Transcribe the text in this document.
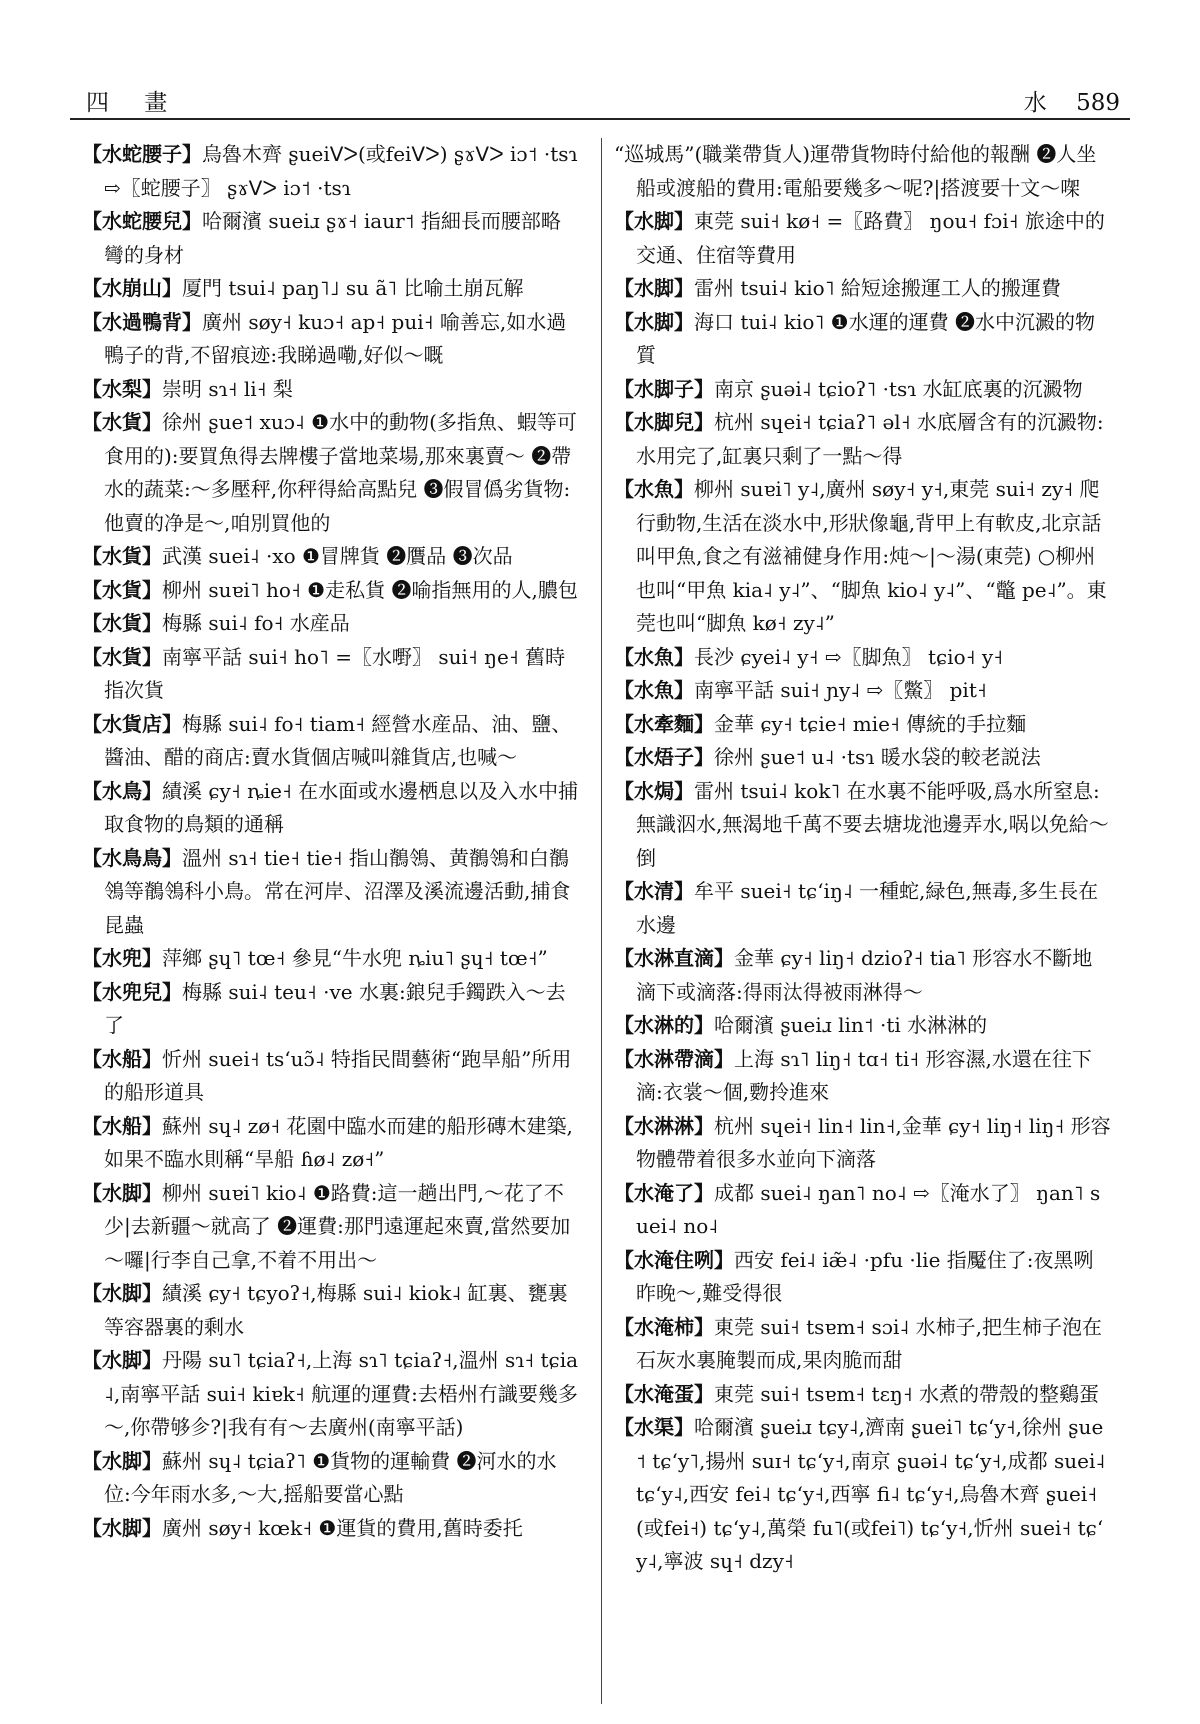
四 畫	水 589

【水蛇腰子】烏魯木齊 ʂueiᐯᐳ(或feiᐯᐳ) ʂɤᐯᐳ iɔ˦ ·tsɿ ⇨〖蛇腰子〗 ʂɤᐯᐳ iɔ˦ ·tsɿ

【水蛇腰兒】哈爾濱 sueiɹ ʂɤ˧ iaur˦ 指細長而腰部略彎的身材

【水崩山】厦門 tsui˨ paŋ˥˩ su ã˥ 比喻土崩瓦解

【水過鴨背】廣州 søy˧ kuɔ˧ ap˧ pui˧ 喻善忘,如水過鴨子的背,不留痕迹:我睇過嘞,好似～嘅

【水梨】崇明 sɿ˧ li˧ 梨

【水貨】徐州 ʂue˦ xuɔ˨ ❶水中的動物(多指魚、蝦等可食用的):要買魚得去牌樓子當地菜場,那來裏賣～ ❷帶水的蔬菜:～多壓秤,你秤得給高點兒 ❸假冒僞劣貨物:他賣的净是～,咱別買他的

【水貨】武漢 suei˨ ·xo ❶冒牌貨 ❷贋品 ❸次品

【水貨】柳州 suɐi˥ ho˧ ❶走私貨 ❷喻指無用的人,膿包

【水貨】梅縣 sui˨ fo˧ 水産品

【水貨】南寧平話 sui˧ ho˥ =〖水嘢〗 sui˧ ŋe˧ 舊時指次貨

【水貨店】梅縣 sui˨ fo˧ tiam˧ 經營水産品、油、鹽、醬油、醋的商店:賣水貨個店喊叫雜貨店,也喊～

【水鳥】績溪 ɕy˧ ȵie˧ 在水面或水邊栖息以及入水中捕取食物的鳥類的通稱

【水鳥鳥】溫州 sɿ˧ tie˧ tie˧ 指山鶺鴒、黄鶺鴒和白鶺鴒等鶺鴒科小鳥。常在河岸、沼澤及溪流邊活動,捕食昆蟲

【水兜】萍鄉 ʂɥ˥ tœ˧ 參見“牛水兜 ȵiu˥ ʂɥ˧ tœ˧”

【水兜兒】梅縣 sui˨ teu˧ ·ve 水裏:鋃兒手鐲跌入～去了

【水船】忻州 suei˧ tsʻuɔ̃˨ 特指民間藝術“跑旱船”所用的船形道具

【水船】蘇州 sɥ˨ zø˧ 花園中臨水而建的船形磚木建築,如果不臨水則稱“旱船 ɦø˨ zø˧”

【水脚】柳州 suɐi˥ kio˨ ❶路費:這一趟出門,～花了不少|去新疆～就高了 ❷運費:那門遠運起來賣,當然要加～囉|行李自己拿,不着不用出～

【水脚】績溪 ɕy˧ tɕyoʔ˧,梅縣 sui˨ kiok˨ 缸裏、甕裏等容器裏的剩水

【水脚】丹陽 su˥ tɕiaʔ˧,上海 sɿ˥ tɕiaʔ˧,溫州 sɿ˧ tɕia˨,南寧平話 sui˧ kiɐk˧ 航運的運費:去梧州冇識要幾多～,你帶够㐱?|我有有～去廣州(南寧平話)

【水脚】蘇州 sɥ˨ tɕiaʔ˥ ❶貨物的運輸費 ❷河水的水位:今年雨水多,～大,摇船要當心點

【水脚】廣州 søy˧ kœk˧ ❶運貨的費用,舊時委托

“巡城馬”(職業帶貨人)運帶貨物時付給他的報酬 ❷人坐船或渡船的費用:電船要幾多～呢?|搭渡要十文～㗎

【水脚】東莞 sui˧ kø˧ =〖路費〗 ŋou˧ fɔi˧ 旅途中的交通、住宿等費用

【水脚】雷州 tsui˨ kio˥ 給短途搬運工人的搬運費

【水脚】海口 tui˨ kio˥ ❶水運的運費 ❷水中沉澱的物質

【水脚子】南京 ʂuəi˨ tɕioʔ˥ ·tsɿ 水缸底裏的沉澱物

【水脚兒】杭州 sɥei˧ tɕiaʔ˥ əl˧ 水底層含有的沉澱物:水用完了,缸裏只剩了一點～得

【水魚】柳州 suɐi˥ y˨,廣州 søy˧ y˧,東莞 sui˧ zy˧ 爬行動物,生活在淡水中,形狀像龜,背甲上有軟皮,北京話叫甲魚,食之有滋補健身作用:炖～|～湯(東莞) ○柳州也叫“甲魚 kia˨ y˨”、“脚魚 kio˨ y˨”、“鼈 pe˨”。東莞也叫“脚魚 kø˧ zy˨”

【水魚】長沙 ɕyei˨ y˧ ⇨〖脚魚〗 tɕio˧ y˧

【水魚】南寧平話 sui˧ ɲy˨ ⇨〖鱉〗 pit˧

【水牽麵】金華 ɕy˧ tɕie˧ mie˧ 傳統的手拉麵

【水焐子】徐州 ʂue˦ u˨ ·tsɿ 暖水袋的較老説法

【水焗】雷州 tsui˨ kok˥ 在水裏不能呼吸,爲水所窒息:無識泅水,無渴地千萬不要去塘垅池邊弄水,㖞以免給～倒

【水清】牟平 suei˧ tɕʻiŋ˨ 一種蛇,緑色,無毒,多生長在水邊

【水淋直滴】金華 ɕy˧ liŋ˧ dzioʔ˧ tia˥ 形容水不斷地滴下或滴落:得雨汰得被雨淋得～

【水淋的】哈爾濱 ʂueiɹ lin˦ ·ti 水淋淋的

【水淋帶滴】上海 sɿ˥ liŋ˧ tɑ˧ ti˧ 形容濕,水還在往下滴:衣裳～個,覅拎進來

【水淋淋】杭州 sɥei˧ lin˧ lin˧,金華 ɕy˧ liŋ˧ liŋ˧ 形容物體帶着很多水並向下滴落

【水淹了】成都 suei˨ ŋan˥ no˨ ⇨〖淹水了〗 ŋan˥ suei˨ no˨

【水淹住咧】西安 fei˨ iæ̃˨ ·pfu ·lie 指魘住了:夜黑咧昨晚～,難受得很

【水淹柿】東莞 sui˧ tsɐm˧ sɔi˨ 水柿子,把生柿子泡在石灰水裏腌製而成,果肉脆而甜

【水淹蛋】東莞 sui˧ tsɐm˧ tɛŋ˧ 水煮的帶殼的整鷄蛋

【水渠】哈爾濱 ʂueiɹ tɕy˨,濟南 ʂuei˥ tɕʻy˧,徐州 ʂue˦ tɕʻy˥,揚州 suɪ˧ tɕʻy˧,南京 ʂuəi˨ tɕʻy˧,成都 suei˨ tɕʻy˨,西安 fei˨ tɕʻy˧,西寧 fi˨ tɕʻy˧,烏魯木齊 ʂuei˧(或fei˧) tɕʻy˨,萬榮 fu˥(或fei˥) tɕʻy˧,忻州 suei˧ tɕʻy˨,寧波 sɥ˧ dzy˧
